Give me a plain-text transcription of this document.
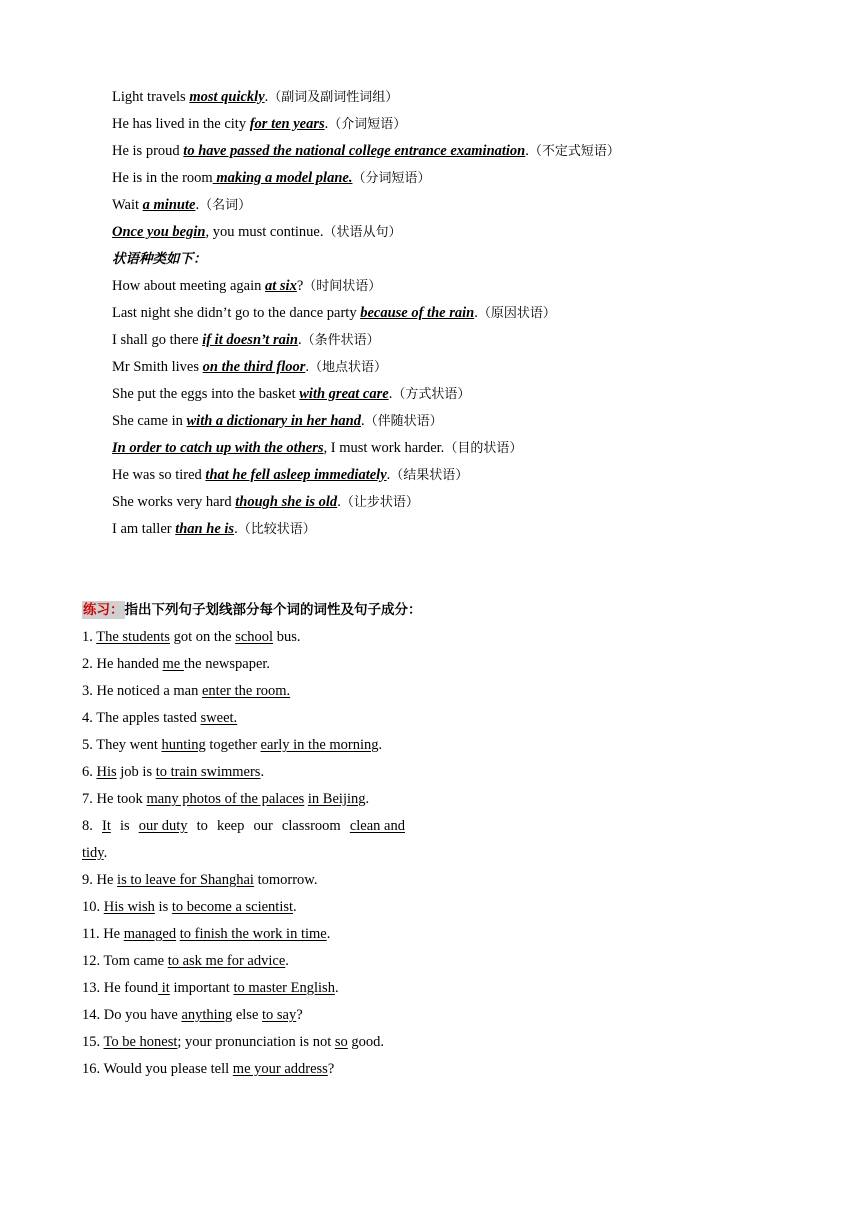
Light travels most quickly.（副词及副词性词组）
He has lived in the city for ten years.（介词短语）
He is proud to have passed the national college entrance examination.（不定式短语）
He is in the room making a model plane.（分词短语）
Wait a minute.（名词）
Once you begin, you must continue.（状语从句）
状语种类如下：
How about meeting again at six?（时间状语）
Last night she didn’t go to the dance party because of the rain.（原因状语）
I shall go there if it doesn’t rain.（条件状语）
Mr Smith lives on the third floor.（地点状语）
She put the eggs into the basket with great care.（方式状语）
She came in with a dictionary in her hand.（伴随状语）
In order to catch up with the others, I must work harder.（目的状语）
He was so tired that he fell asleep immediately.（结果状语）
She works very hard though she is old.（让步状语）
I am taller than he is.（比较状语）
练习：指出下列句子划线部分每个词的词性及句子成分：
1. The students got on the school bus.
2. He handed me the newspaper.
3. He noticed a man enter the room.
4. The apples tasted sweet.
5. They went hunting together early in the morning.
6. His job is to train swimmers.
7. He took many photos of the palaces in Beijing.
8. It is our duty to keep our classroom clean and
tidy.
9. He is to leave for Shanghai tomorrow.
10. His wish is to become a scientist.
11. He managed to finish the work in time.
12. Tom came to ask me for advice.
13. He found it important to master English.
14. Do you have anything else to say?
15. To be honest; your pronunciation is not so good.
16. Would you please tell me your address?
